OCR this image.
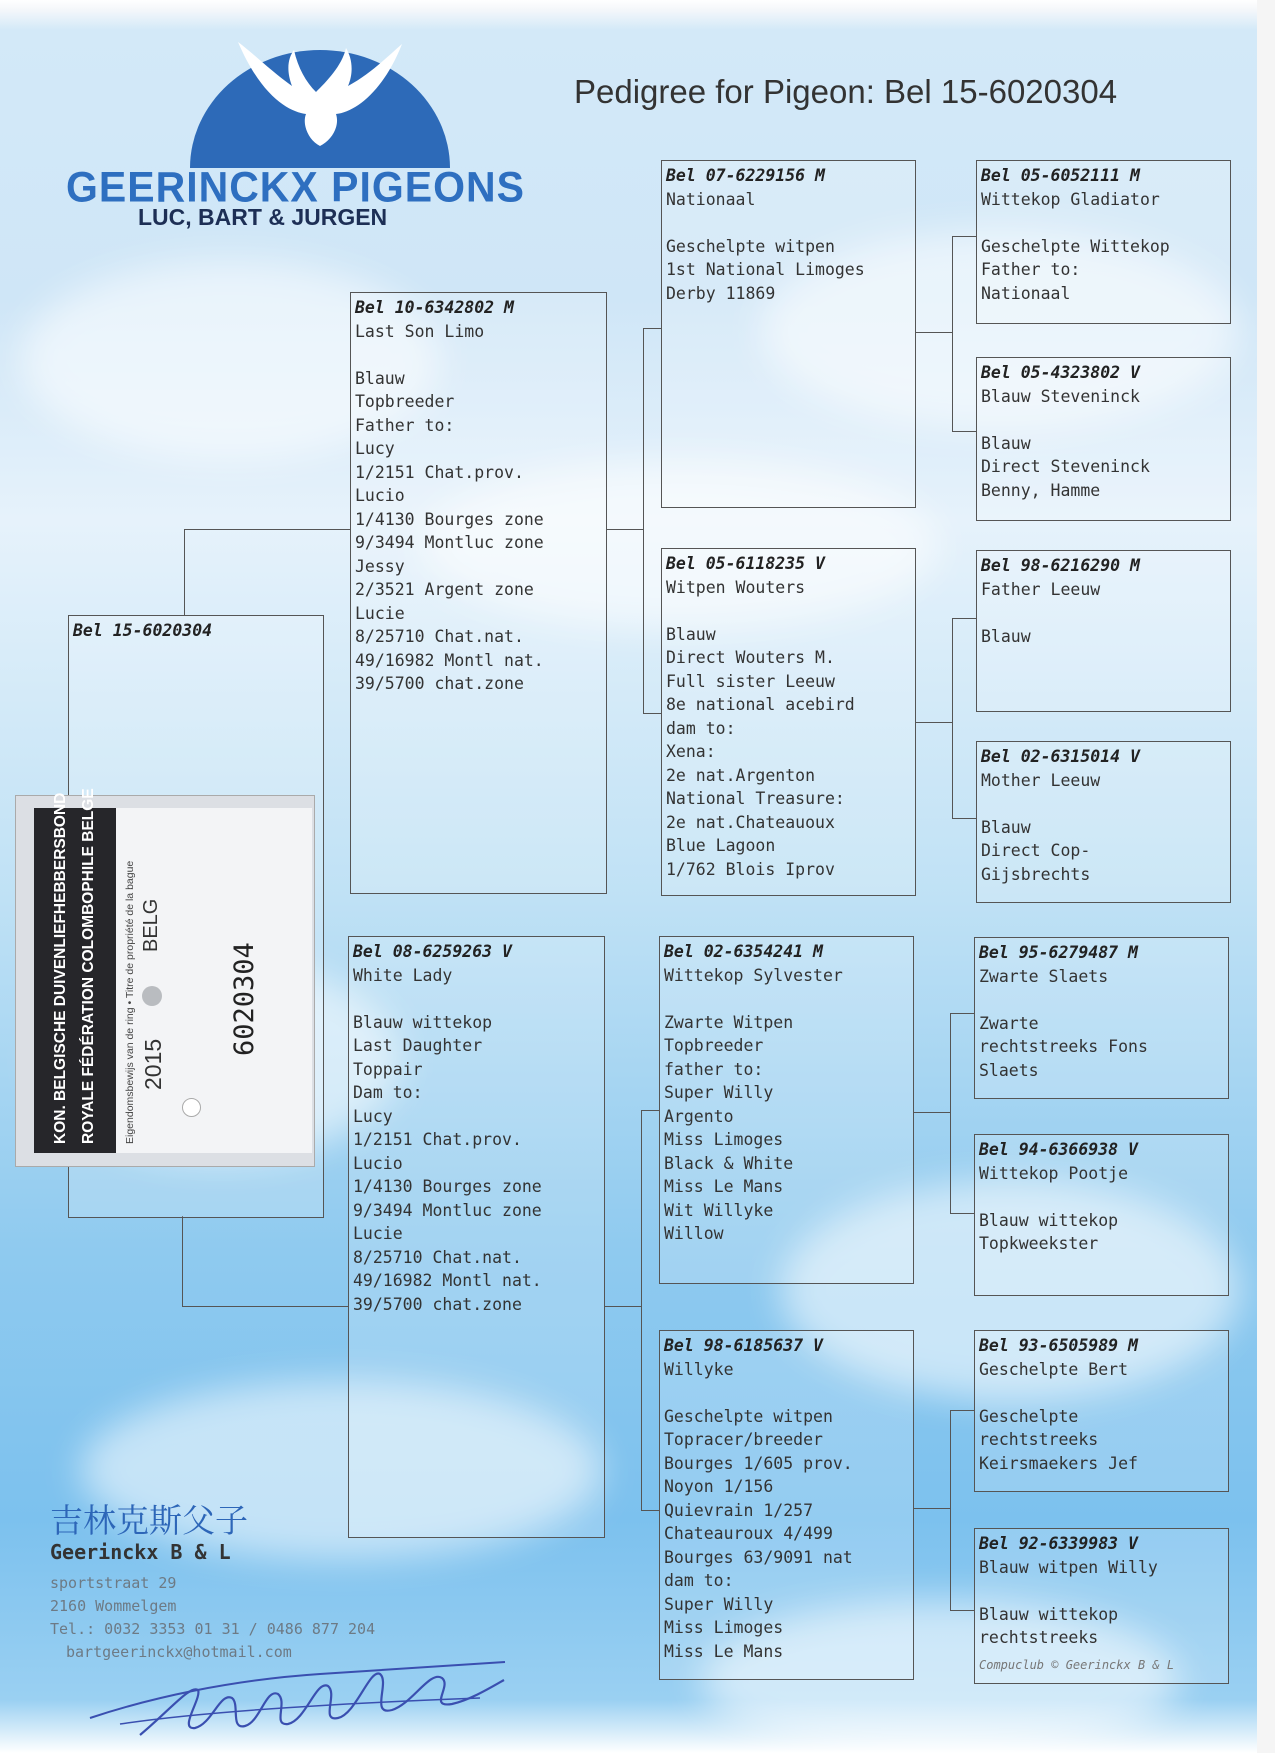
GEERINCKX PIGEONS
LUC, BART & JURGEN
Pedigree for Pigeon: Bel 15-6020304
Bel 15-6020304
KON. BELGISCHE DUIVENLIEFHEBBERSBOND ROYALE FÉDÉRATION COLOMBOPHILE BELGE	Eigendomsbewijs van de ring • Titre de propriété de la bague 2015
BELG
6020304
Bel 10-6342802 M
Last Son Limo

Blauw
Topbreeder
Father to:
Lucy
1/2151 Chat.prov.
Lucio
1/4130 Bourges zone
9/3494 Montluc zone
Jessy
2/3521 Argent zone
Lucie
8/25710 Chat.nat.
49/16982 Montl nat.
39/5700 chat.zone
Bel 08-6259263 V
White Lady

Blauw wittekop
Last Daughter
Toppair
Dam to:
Lucy
1/2151 Chat.prov.
Lucio
1/4130 Bourges zone
9/3494 Montluc zone
Lucie
8/25710 Chat.nat.
49/16982 Montl nat.
39/5700 chat.zone
Bel 07-6229156 M
Nationaal

Geschelpte witpen
1st National Limoges
Derby 11869
Bel 05-6118235 V
Witpen Wouters

Blauw
Direct Wouters M.
Full sister Leeuw
8e national acebird
dam to:
Xena:
2e nat.Argenton
National Treasure:
2e nat.Chateauoux
Blue Lagoon
1/762 Blois Iprov
Bel 02-6354241 M
Wittekop Sylvester

Zwarte Witpen
Topbreeder
father to:
Super Willy
Argento
Miss Limoges
Black & White
Miss Le Mans
Wit Willyke
Willow
Bel 98-6185637 V
Willyke

Geschelpte witpen
Topracer/breeder
Bourges 1/605 prov.
Noyon 1/156
Quievrain 1/257
Chateauroux 4/499
Bourges 63/9091 nat
dam to:
Super Willy
Miss Limoges
Miss Le Mans
Bel 05-6052111 M
Wittekop Gladiator

Geschelpte Wittekop
Father to:
Nationaal
Bel 05-4323802 V
Blauw Steveninck

Blauw
Direct Steveninck
Benny, Hamme
Bel 98-6216290 M
Father Leeuw

Blauw
Bel 02-6315014 V
Mother Leeuw

Blauw
Direct Cop-
Gijsbrechts
Bel 95-6279487 M
Zwarte Slaets

Zwarte
rechtstreeks Fons
Slaets
Bel 94-6366938 V
Wittekop Pootje

Blauw wittekop
Topkweekster
Bel 93-6505989 M
Geschelpte Bert

Geschelpte
rechtstreeks
Keirsmaekers Jef
Bel 92-6339983 V
Blauw witpen Willy

Blauw wittekop
rechtstreeks
Compuclub © Geerinckx B & L
吉林克斯父子
Geerinckx B & L
sportstraat 29
2160 Wommelgem
Tel.: 0032 3353 01 31 / 0486 877 204
bartgeerinckx@hotmail.com
